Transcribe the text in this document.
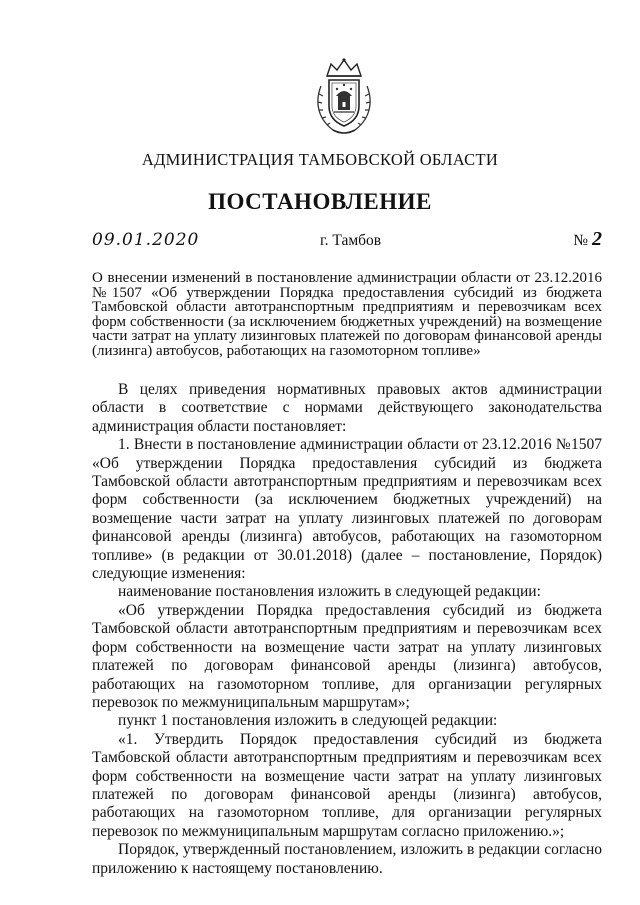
АДМИНИСТРАЦИЯ ТАМБОВСКОЙ ОБЛАСТИ
ПОСТАНОВЛЕНИЕ
09.01.2020	г. Тамбов	№ 2
О внесении изменений в постановление администрации области от 23.12.2016 №1507 «Об утверждении Порядка предоставления субсидий из бюджета Тамбовской области автотранспортным предприятиям и перевозчикам всех форм собственности (за исключением бюджетных учреждений) на возмещение части затрат на уплату лизинговых платежей по договорам финансовой аренды (лизинга) автобусов, работающих на газомоторном топливе»

В целях приведения нормативных правовых актов администрации области в соответствие с нормами действующего законодательства администрация области постановляет:

1. Внести в постановление администрации области от 23.12.2016 №1507 «Об утверждении Порядка предоставления субсидий из бюджета Тамбовской области автотранспортным предприятиям и перевозчикам всех форм собственности (за исключением бюджетных учреждений) на возмещение части затрат на уплату лизинговых платежей по договорам финансовой аренды (лизинга) автобусов, работающих на газомоторном топливе» (в редакции от 30.01.2018) (далее – постановление, Порядок) следующие изменения:

наименование постановления изложить в следующей редакции:

«Об утверждении Порядка предоставления субсидий из бюджета Тамбовской области автотранспортным предприятиям и перевозчикам всех форм собственности на возмещение части затрат на уплату лизинговых платежей по договорам финансовой аренды (лизинга) автобусов, работающих на газомоторном топливе, для организации регулярных перевозок по межмуниципальным маршрутам»;

пункт 1 постановления изложить в следующей редакции:

«1. Утвердить Порядок предоставления субсидий из бюджета Тамбовской области автотранспортным предприятиям и перевозчикам всех форм собственности на возмещение части затрат на уплату лизинговых платежей по договорам финансовой аренды (лизинга) автобусов, работающих на газомоторном топливе, для организации регулярных перевозок по межмуниципальным маршрутам согласно приложению.»;

Порядок, утвержденный постановлением, изложить в редакции согласно приложению к настоящему постановлению.
